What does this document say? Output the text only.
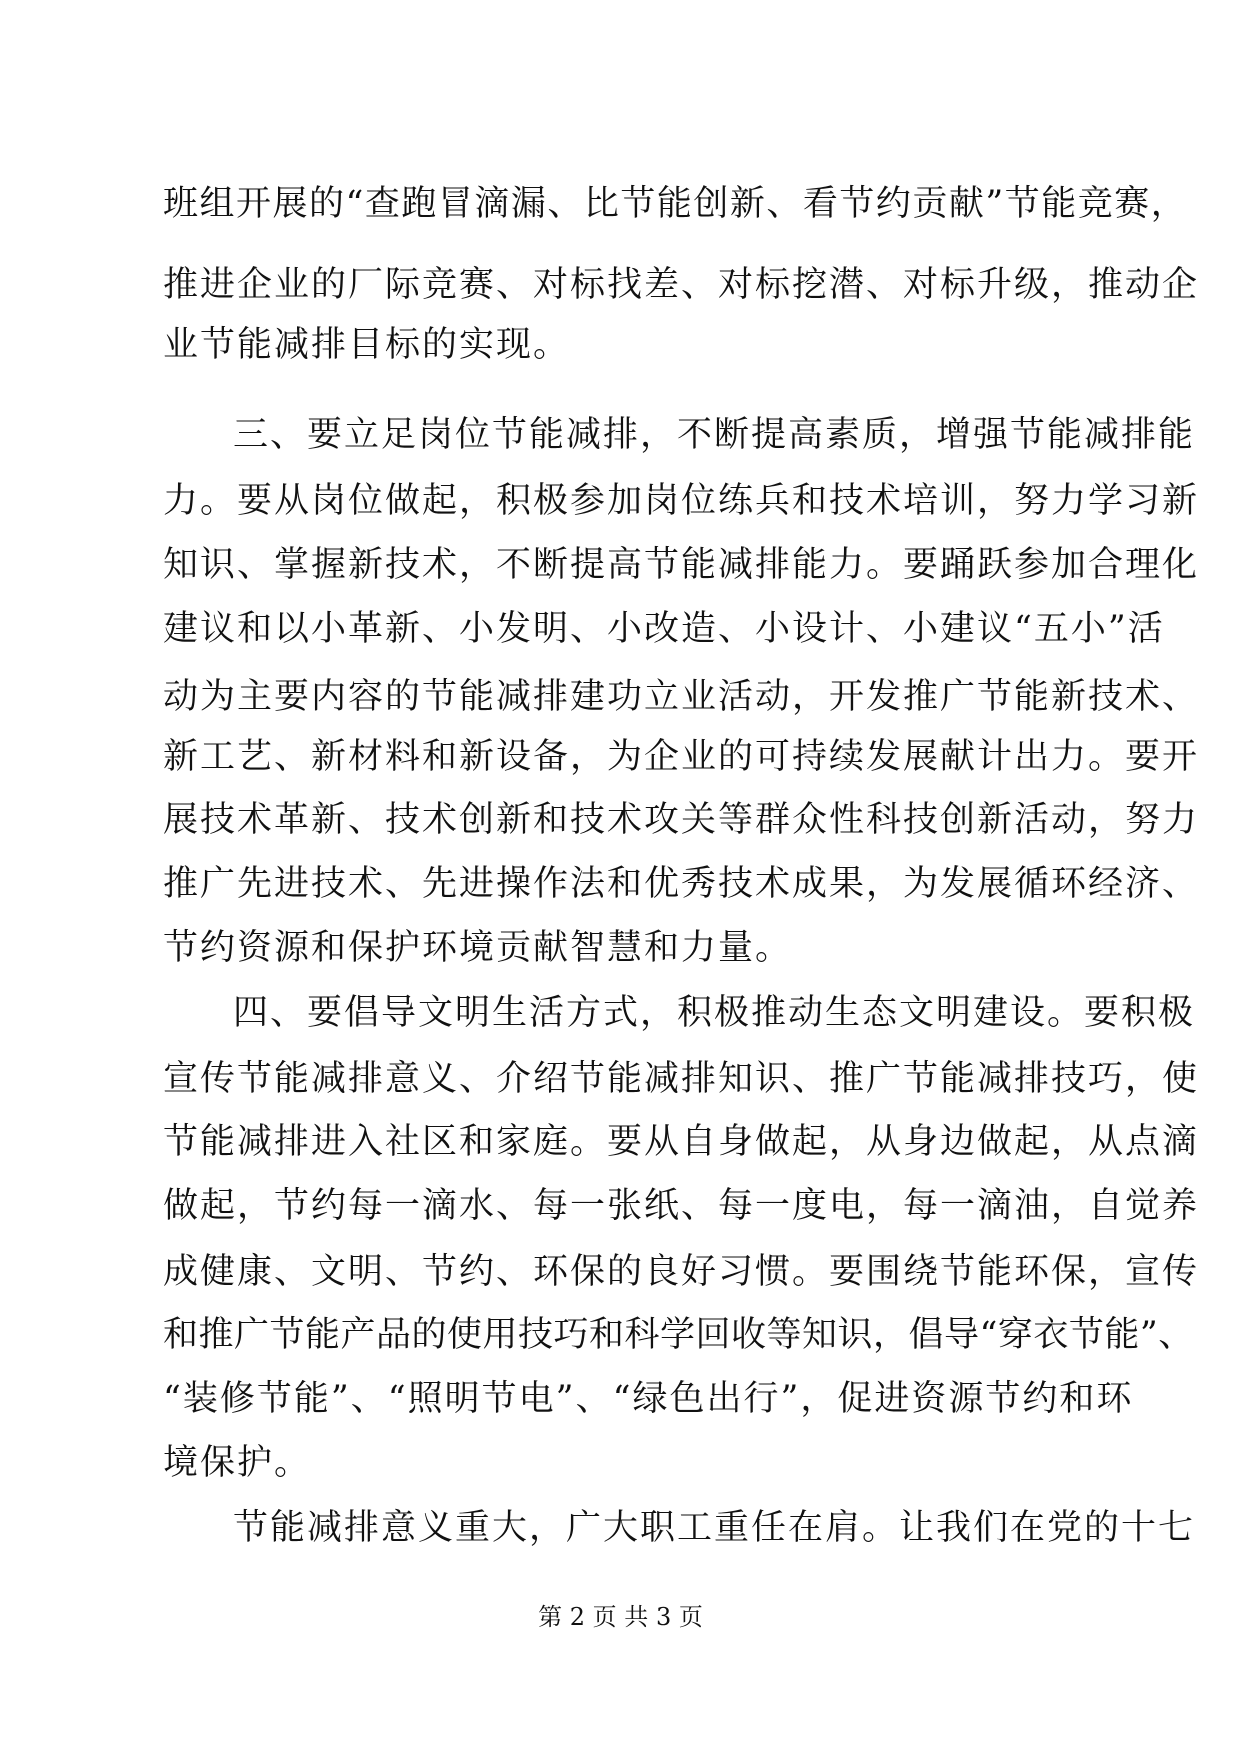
班组开展的“查跑冒滴漏、比节能创新、看节约贡献”节能竞赛，
推进企业的厂际竞赛、对标找差、对标挖潜、对标升级，推动企
业节能减排目标的实现。
三、要立足岗位节能减排，不断提高素质，增强节能减排能
力。要从岗位做起，积极参加岗位练兵和技术培训，努力学习新
知识、掌握新技术，不断提高节能减排能力。要踊跃参加合理化
建议和以小革新、小发明、小改造、小设计、小建议“五小”活
动为主要内容的节能减排建功立业活动，开发推广节能新技术、
新工艺、新材料和新设备，为企业的可持续发展献计出力。要开
展技术革新、技术创新和技术攻关等群众性科技创新活动，努力
推广先进技术、先进操作法和优秀技术成果，为发展循环经济、
节约资源和保护环境贡献智慧和力量。
四、要倡导文明生活方式，积极推动生态文明建设。要积极
宣传节能减排意义、介绍节能减排知识、推广节能减排技巧，使
节能减排进入社区和家庭。要从自身做起，从身边做起，从点滴
做起，节约每一滴水、每一张纸、每一度电，每一滴油，自觉养
成健康、文明、节约、环保的良好习惯。要围绕节能环保，宣传
和推广节能产品的使用技巧和科学回收等知识，倡导“穿衣节能”、
“装修节能”、“照明节电”、“绿色出行”，促进资源节约和环
境保护。
节能减排意义重大，广大职工重任在肩。让我们在党的十七
第 2 页 共 3 页
